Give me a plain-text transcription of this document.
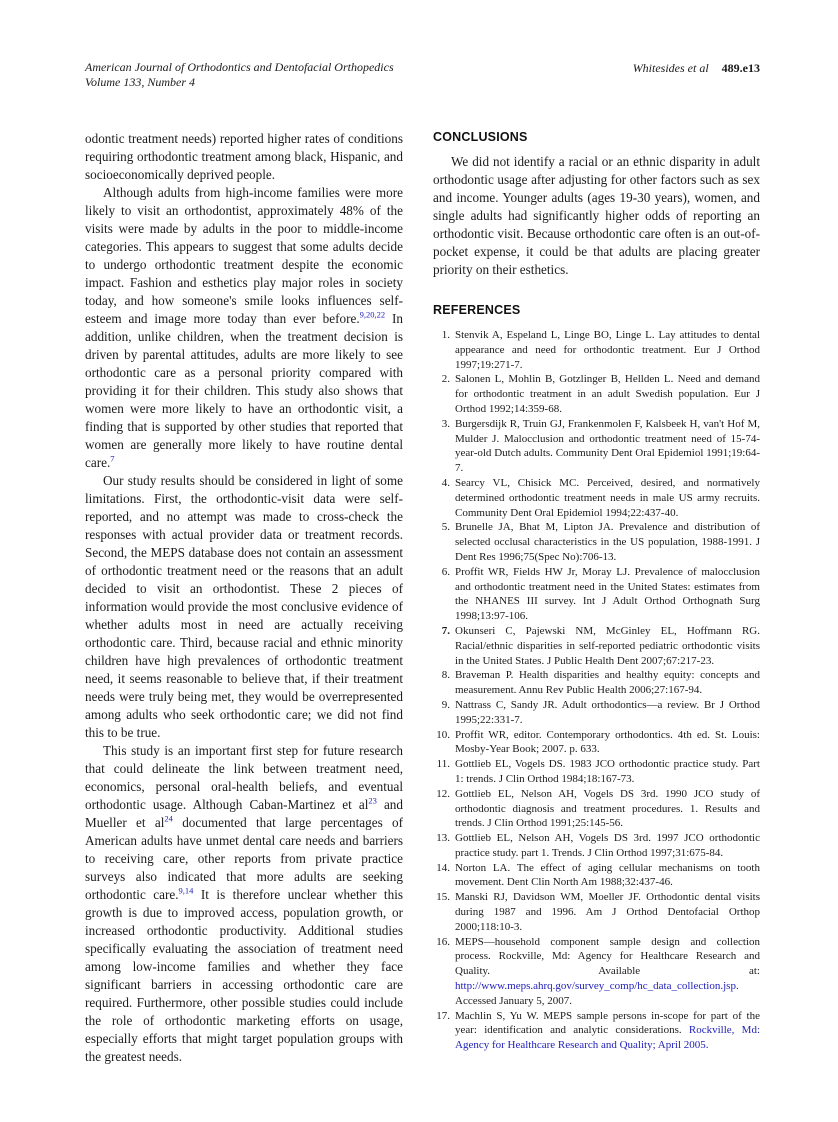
American Journal of Orthodontics and Dentofacial Orthopedics
Volume 133, Number 4
Whitesides et al 489.e13

odontic treatment needs) reported higher rates of conditions requiring orthodontic treatment among black, Hispanic, and socioeconomically deprived people.

Although adults from high-income families were more likely to visit an orthodontist, approximately 48% of the visits were made by adults in the poor to middle-income categories. This appears to suggest that some adults decide to undergo orthodontic treatment despite the economic impact. Fashion and esthetics play major roles in society today, and how someone's smile looks influences self-esteem and image more today than ever before.$^{9,20,22}$ In addition, unlike children, when the treatment decision is driven by parental attitudes, adults are more likely to see orthodontic care as a personal priority compared with providing it for their children. This study also shows that women were more likely to have an orthodontic visit, a finding that is supported by other studies that reported that women are generally more likely to have routine dental care.$^7$

Our study results should be considered in light of some limitations. First, the orthodontic-visit data were self-reported, and no attempt was made to cross-check the responses with actual provider data or treatment records. Second, the MEPS database does not contain an assessment of orthodontic treatment need or the reasons that an adult decided to visit an orthodontist. These 2 pieces of information would provide the most conclusive evidence of whether adults most in need are actually receiving orthodontic care. Third, because racial and ethnic minority children have high prevalences of orthodontic treatment need, it seems reasonable to believe that, if their treatment needs were truly being met, they would be overrepresented among adults who seek orthodontic care; we did not find this to be true.

This study is an important first step for future research that could delineate the link between treatment need, economics, personal oral-health beliefs, and eventual orthodontic usage. Although Caban-Martinez et al$^{23}$ and Mueller et al$^{24}$ documented that large percentages of American adults have unmet dental care needs and barriers to receiving care, other reports from private practice surveys also indicated that more adults are seeking orthodontic care.$^{9,14}$ It is therefore unclear whether this growth is due to improved access, population growth, or increased orthodontic productivity. Additional studies specifically evaluating the association of treatment need among low-income families and whether they face significant barriers in accessing orthodontic care are required. Furthermore, other possible studies could include the role of orthodontic marketing efforts on usage, especially efforts that might target population groups with the greatest needs.

CONCLUSIONS

We did not identify a racial or an ethnic disparity in adult orthodontic usage after adjusting for other factors such as sex and income. Younger adults (ages 19-30 years), women, and single adults had significantly higher odds of reporting an orthodontic visit. Because orthodontic care often is an out-of-pocket expense, it could be that adults are placing greater priority on their esthetics.

REFERENCES
1. Stenvik A, Espeland L, Linge BO, Linge L. Lay attitudes to dental appearance and need for orthodontic treatment. Eur J Orthod 1997;19:271-7.
2. Salonen L, Mohlin B, Gotzlinger B, Hellden L. Need and demand for orthodontic treatment in an adult Swedish population. Eur J Orthod 1992;14:359-68.
3. Burgersdijk R, Truin GJ, Frankenmolen F, Kalsbeek H, van't Hof M, Mulder J. Malocclusion and orthodontic treatment need of 15-74-year-old Dutch adults. Community Dent Oral Epidemiol 1991;19:64-7.
4. Searcy VL, Chisick MC. Perceived, desired, and normatively determined orthodontic treatment needs in male US army recruits. Community Dent Oral Epidemiol 1994;22:437-40.
5. Brunelle JA, Bhat M, Lipton JA. Prevalence and distribution of selected occlusal characteristics in the US population, 1988-1991. J Dent Res 1996;75(Spec No):706-13.
6. Proffit WR, Fields HW Jr, Moray LJ. Prevalence of malocclusion and orthodontic treatment need in the United States: estimates from the NHANES III survey. Int J Adult Orthod Orthognath Surg 1998;13:97-106.
7. Okunseri C, Pajewski NM, McGinley EL, Hoffmann RG. Racial/ethnic disparities in self-reported pediatric orthodontic visits in the United States. J Public Health Dent 2007;67:217-23.
8. Braveman P. Health disparities and healthy equity: concepts and measurement. Annu Rev Public Health 2006;27:167-94.
9. Nattrass C, Sandy JR. Adult orthodontics—a review. Br J Orthod 1995;22:331-7.
10. Proffit WR, editor. Contemporary orthodontics. 4th ed. St. Louis: Mosby-Year Book; 2007. p. 633.
11. Gottlieb EL, Vogels DS. 1983 JCO orthodontic practice study. Part 1: trends. J Clin Orthod 1984;18:167-73.
12. Gottlieb EL, Nelson AH, Vogels DS 3rd. 1990 JCO study of orthodontic diagnosis and treatment procedures. 1. Results and trends. J Clin Orthod 1991;25:145-56.
13. Gottlieb EL, Nelson AH, Vogels DS 3rd. 1997 JCO orthodontic practice study. part 1. Trends. J Clin Orthod 1997;31:675-84.
14. Norton LA. The effect of aging cellular mechanisms on tooth movement. Dent Clin North Am 1988;32:437-46.
15. Manski RJ, Davidson WM, Moeller JF. Orthodontic dental visits during 1987 and 1996. Am J Orthod Dentofacial Orthop 2000;118:10-3.
16. MEPS—household component sample design and collection process. Rockville, Md: Agency for Healthcare Research and Quality. Available at: http://www.meps.ahrq.gov/survey_comp/hc_data_collection.jsp. Accessed January 5, 2007.
17. Machlin S, Yu W. MEPS sample persons in-scope for part of the year: identification and analytic considerations. Rockville, Md: Agency for Healthcare Research and Quality; April 2005.
